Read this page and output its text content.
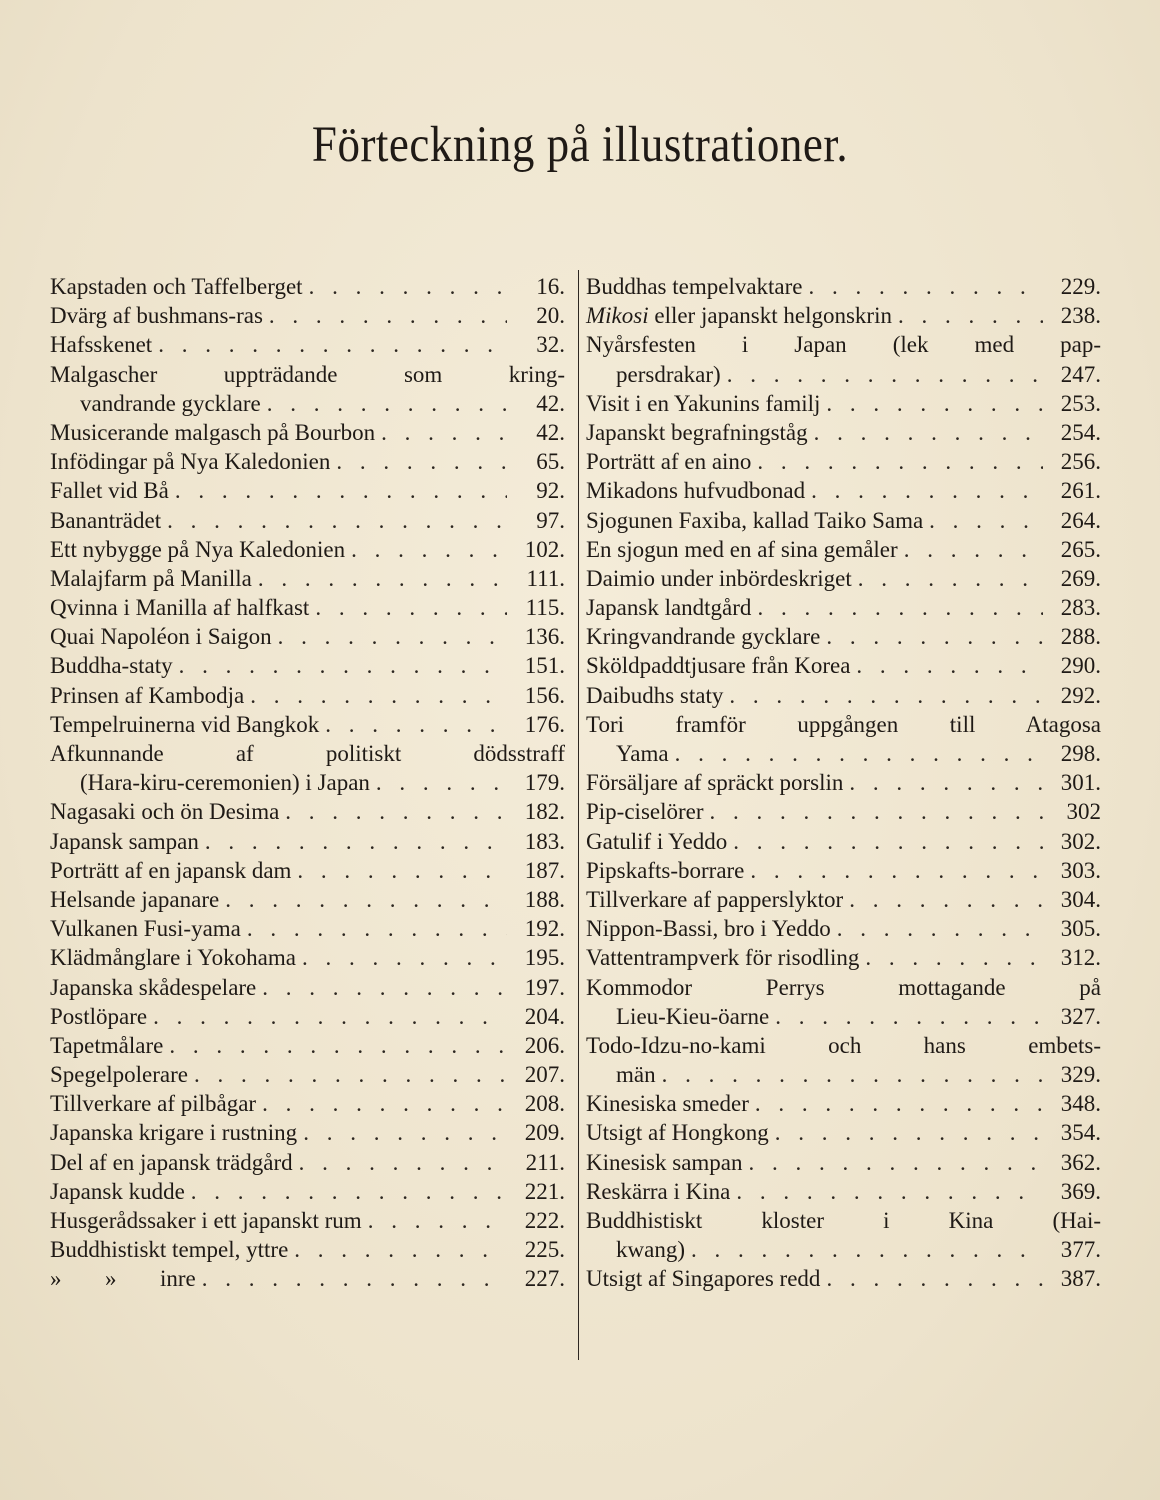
Förteckning på illustrationer.
Kapstaden och Taffelberget . . .	16.
Dvärg af bushmans-ras . . .	20.
Hafsskenet . . .	32.
Malgascher uppträdande som kring-
vandrande gycklare . . .	42.
Musicerande malgasch på Bourbon . . .	42.
Infödingar på Nya Kaledonien . . .	65.
Fallet vid Bå . . .	92.
Bananträdet . . .	97.
Ett nybygge på Nya Kaledonien . . .	102.
Malajfarm på Manilla . . .	111.
Qvinna i Manilla af halfkast . . .	115.
Quai Napoléon i Saigon . . .	136.
Buddha-staty . . .	151.
Prinsen af Kambodja . . .	156.
Tempelruinerna vid Bangkok . . .	176.
Afkunnande af politiskt dödsstraff
(Hara-kiru-ceremonien) i Japan . . .	179.
Nagasaki och ön Desima . . .	182.
Japansk sampan . . .	183.
Porträtt af en japansk dam . . .	187.
Helsande japanare . . .	188.
Vulkanen Fusi-yama . . .	192.
Klädmånglare i Yokohama . . .	195.
Japanska skådespelare . . .	197.
Postlöpare . . .	204.
Tapetmålare . . .	206.
Spegelpolerare . . .	207.
Tillverkare af pilbågar . . .	208.
Japanska krigare i rustning . . .	209.
Del af en japansk trädgård . . .	211.
Japansk kudde . . .	221.
Husgerådssaker i ett japanskt rum . . .	222.
Buddhistiskt tempel, yttre . . .	225.
» »	inre . . .	227.
Buddhas tempelvaktare . . .	229.
Mikosi eller japanskt helgonskrin . . .	238.
Nyårsfesten i Japan (lek med pap-
persdrakar) . . .	247.
Visit i en Yakunins familj . . .	253.
Japanskt begrafningståg . . .	254.
Porträtt af en aino . . .	256.
Mikadons hufvudbonad . . .	261.
Sjogunen Faxiba, kallad Taiko Sama . . .	264.
En sjogun med en af sina gemåler . . .	265.
Daimio under inbördeskriget . . .	269.
Japansk landtgård . . .	283.
Kringvandrande gycklare . . .	288.
Sköldpaddtjusare från Korea . . .	290.
Daibudhs staty . . .	292.
Tori framför uppgången till Atagosa
Yama . . .	298.
Försäljare af spräckt porslin . . .	301.
Pip-ciselörer . . .	302
Gatulif i Yeddo . . .	302.
Pipskafts-borrare . . .	303.
Tillverkare af papperslyktor . . .	304.
Nippon-Bassi, bro i Yeddo . . .	305.
Vattentrampverk för risodling . . .	312.
Kommodor Perrys mottagande på
Lieu-Kieu-öarne . . .	327.
Todo-Idzu-no-kami och hans embets-
män . . .	329.
Kinesiska smeder . . .	348.
Utsigt af Hongkong . . .	354.
Kinesisk sampan . . .	362.
Reskärra i Kina . . .	369.
Buddhistiskt kloster i Kina (Hai-
kwang) . . .	377.
Utsigt af Singapores redd . . .	387.
